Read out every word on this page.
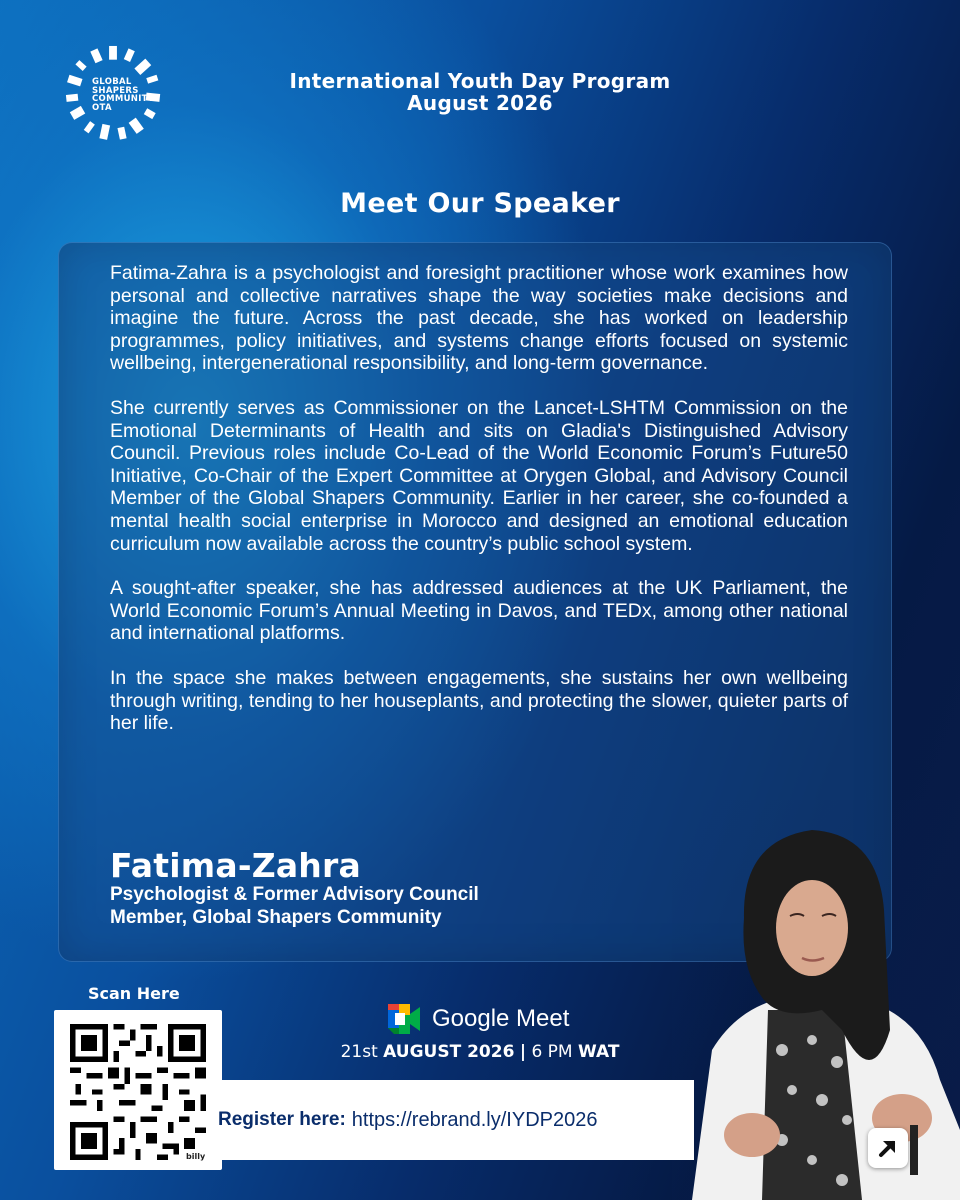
GLOBAL
SHAPERS
COMMUNITY
OTA
International Youth Day Program
August 2026
Meet Our Speaker

Fatima-Zahra is a psychologist and foresight practitioner whose work examines how personal and collective narratives shape the way societies make decisions and imagine the future. Across the past decade, she has worked on leadership programmes, policy initiatives, and systems change efforts focused on systemic wellbeing, intergenerational responsibility, and long-term governance.

She currently serves as Commissioner on the Lancet-LSHTM Commission on the Emotional Determinants of Health and sits on Gladia's Distinguished Advisory Council. Previous roles include Co-Lead of the World Economic Forum’s Future50 Initiative, Co-Chair of the Expert Committee at Orygen Global, and Advisory Council Member of the Global Shapers Community. Earlier in her career, she co-founded a mental health social enterprise in Morocco and designed an emotional education curriculum now available across the country’s public school system.

A sought-after speaker, she has addressed audiences at the UK Parliament, the World Economic Forum’s Annual Meeting in Davos, and TEDx, among other national and international platforms.

In the space she makes between engagements, she sustains her own wellbeing through writing, tending to her houseplants, and protecting the slower, quieter parts of her life.

Fatima-Zahra
Psychologist & Former Advisory Council
Member, Global Shapers Community
Scan Here
billy
Google Meet
21st AUGUST 2026 | 6 PM WAT
Register here: https://rebrand.ly/IYDP2026
